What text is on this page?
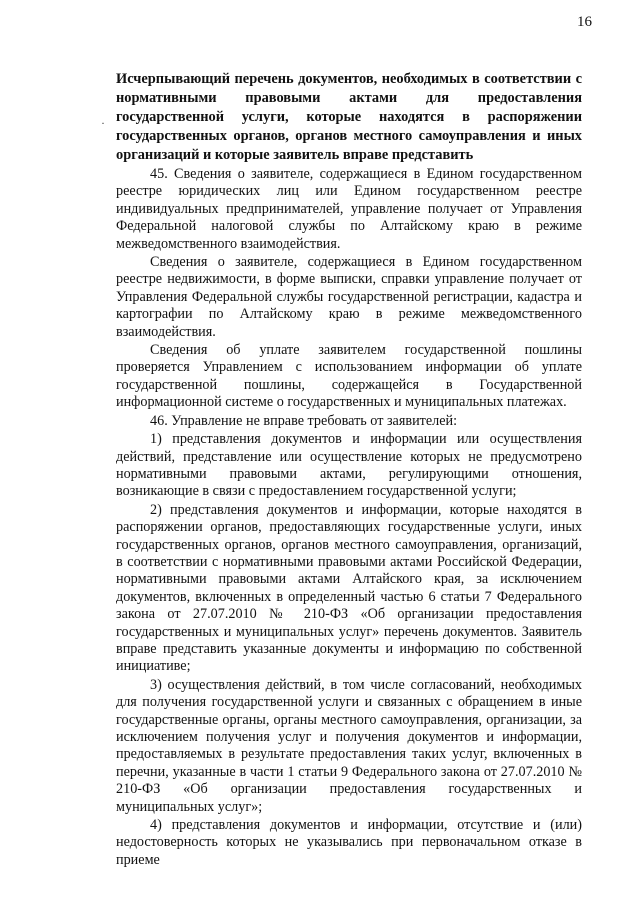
16
·
Исчерпывающий перечень документов, необходимых в соответствии с нормативными правовыми актами для предоставления государственной услуги, которые находятся в распоряжении государственных органов, органов местного самоуправления и иных организаций и которые заявитель вправе представить

45. Сведения о заявителе, содержащиеся в Едином государственном реестре юридических лиц или Едином государственном реестре индивидуальных предпринимателей, управление получает от Управления Федеральной налоговой службы по Алтайскому краю в режиме межведомственного взаимодействия.

Сведения о заявителе, содержащиеся в Едином государственном реестре недвижимости, в форме выписки, справки управление получает от Управления Федеральной службы государственной регистрации, кадастра и картографии по Алтайскому краю в режиме межведомственного взаимодействия.

Сведения об уплате заявителем государственной пошлины проверяется Управлением с использованием информации об уплате государственной пошлины, содержащейся в Государственной информационной системе о государственных и муниципальных платежах.

46. Управление не вправе требовать от заявителей:

1) представления документов и информации или осуществления действий, представление или осуществление которых не предусмотрено нормативными правовыми актами, регулирующими отношения, возникающие в связи с предоставлением государственной услуги;

2) представления документов и информации, которые находятся в распоряжении органов, предоставляющих государственные услуги, иных государственных органов, органов местного самоуправления, организаций, в соответствии с нормативными правовыми актами Российской Федерации, нормативными правовыми актами Алтайского края, за исключением документов, включенных в определенный частью 6 статьи 7 Федерального закона от 27.07.2010 № 210-ФЗ «Об организации предоставления государственных и муниципальных услуг» перечень документов. Заявитель вправе представить указанные документы и информацию по собственной инициативе;

3) осуществления действий, в том числе согласований, необходимых для получения государственной услуги и связанных с обращением в иные государственные органы, органы местного самоуправления, организации, за исключением получения услуг и получения документов и информации, предоставляемых в результате предоставления таких услуг, включенных в перечни, указанные в части 1 статьи 9 Федерального закона от 27.07.2010 № 210-ФЗ «Об организации предоставления государственных и муниципальных услуг»;

4) представления документов и информации, отсутствие и (или) недостоверность которых не указывались при первоначальном отказе в приеме
